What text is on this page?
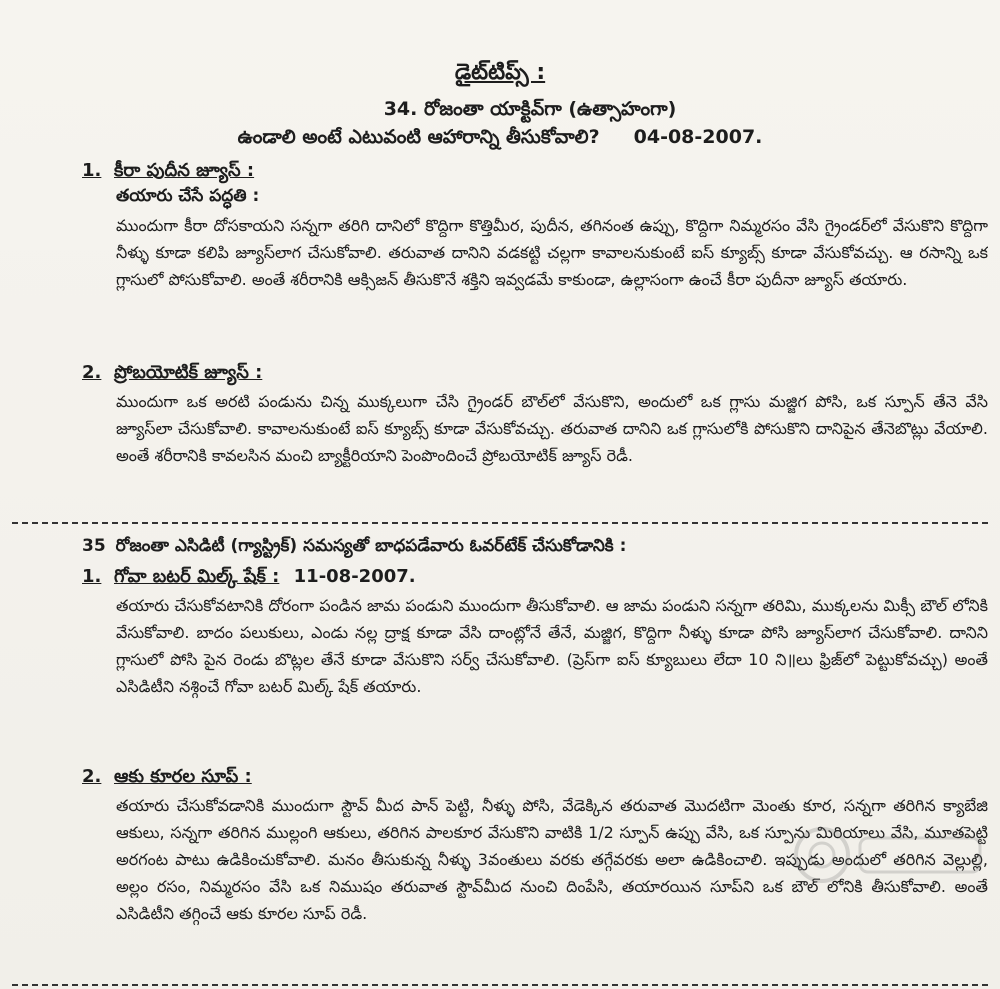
డైట్‌టిప్స్ :
34. రోజంతా యాక్టివ్‌గా (ఉత్సాహంగా)
ఉండాలి అంటే ఎటువంటి ఆహారాన్ని తీసుకోవాలి? 04-08-2007.
1. కీరా పుదీన జ్యూస్ :
తయారు చేసే పద్ధతి :

ముందుగా కీరా దోసకాయని సన్నగా తరిగి దానిలో కొద్దిగా కొత్తిమీర, పుదీన, తగినంత ఉప్పు, కొద్దిగా నిమ్మరసం వేసి గ్రైండర్‌లో వేసుకొని కొద్దిగా నీళ్ళు కూడా కలిపి జ్యూస్‌లాగ చేసుకోవాలి. తరువాత దానిని వడకట్టి చల్లగా కావాలనుకుంటే ఐస్ క్యూబ్స్ కూడా వేసుకోవచ్చు. ఆ రసాన్ని ఒక గ్లాసులో పోసుకోవాలి. అంతే శరీరానికి ఆక్సిజన్ తీసుకొనే శక్తిని ఇవ్వడమే కాకుండా, ఉల్లాసంగా ఉంచే కీరా పుదీనా జ్యూస్ తయారు.

2. ప్రోబయోటిక్ జ్యూస్ :

ముందుగా ఒక అరటి పండును చిన్న ముక్కలుగా చేసి గ్రైండర్ బౌల్‌లో వేసుకొని, అందులో ఒక గ్లాసు మజ్జిగ పోసి, ఒక స్పూన్ తేనె వేసి జ్యూస్‌లా చేసుకోవాలి. కావాలనుకుంటే ఐస్ క్యూబ్స్ కూడా వేసుకోవచ్చు. తరువాత దానిని ఒక గ్లాసులోకి పోసుకొని దానిపైన తేనెబొట్లు వేయాలి. అంతే శరీరానికి కావలసిన మంచి బ్యాక్టీరియాని పెంపొందించే ప్రోబయోటిక్ జ్యూస్ రెడీ.

35 రోజంతా ఎసిడిటీ (గ్యాస్ట్రిక్) సమస్యతో బాధపడేవారు ఓవర్‌టేక్ చేసుకోడానికి :
1. గోవా బటర్ మిల్క్ షేక్ : 11-08-2007.

తయారు చేసుకోవటానికి దోరంగా పండిన జామ పండుని ముందుగా తీసుకోవాలి. ఆ జామ పండుని సన్నగా తరిమి, ముక్కలను మిక్సీ బౌల్ లోనికి వేసుకోవాలి. బాదం పలుకులు, ఎండు నల్ల ద్రాక్ష కూడా వేసి దాంట్లోనే తేనే, మజ్జిగ, కొద్దిగా నీళ్ళు కూడా పోసి జ్యూస్‌లాగ చేసుకోవాలి. దానిని గ్లాసులో పోసి పైన రెండు బొట్లల తేనే కూడా వేసుకొని సర్వ్ చేసుకోవాలి. (ప్రెస్‌గా ఐస్ క్యూబులు లేదా 10 ని॥లు ఫ్రిజ్‌లో పెట్టుకోవచ్చు) అంతే ఎసిడిటీని నశ్గించే గోవా బటర్ మిల్క్ షేక్ తయారు.

2. ఆకు కూరల సూప్ :

తయారు చేసుకోవడానికి ముందుగా స్టౌవ్ మీద పాన్ పెట్టి, నీళ్ళు పోసి, వేడెక్కిన తరువాత మొదటిగా మెంతు కూర, సన్నగా తరిగిన క్యాబేజి ఆకులు, సన్నగా తరిగిన ముల్లంగి ఆకులు, తరిగిన పాలకూర వేసుకొని వాటికి 1/2 స్పూన్ ఉప్పు వేసి, ఒక స్పూను మిరియాలు వేసి, మూతపెట్టి అరగంట పాటు ఉడికించుకోవాలి. మనం తీసుకున్న నీళ్ళు 3వంతులు వరకు తగ్గేవరకు అలా ఉడికించాలి. ఇప్పుడు అందులో తరిగిన వెల్లుల్లి, అల్లం రసం, నిమ్మరసం వేసి ఒక నిముషం తరువాత స్టౌవ్‌మీద నుంచి దింపేసి, తయారయిన సూప్‌ని ఒక బౌల్ లోనికి తీసుకోవాలి. అంతే ఎసిడిటీని తగ్గించే ఆకు కూరల సూప్ రెడీ.
